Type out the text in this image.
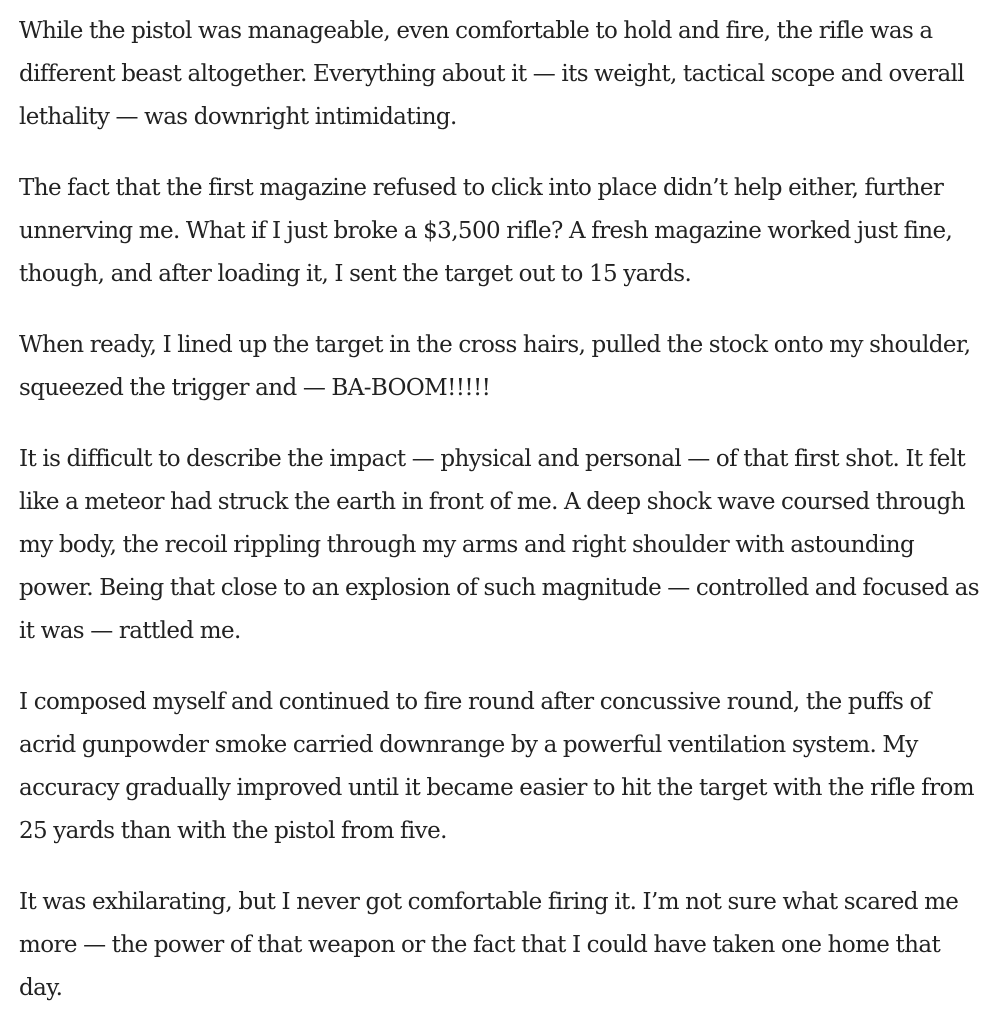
While the pistol was manageable, even comfortable to hold and fire, the rifle was a different beast altogether. Everything about it — its weight, tactical scope and overall lethality — was downright intimidating.

The fact that the first magazine refused to click into place didn’t help either, further unnerving me. What if I just broke a $3,500 rifle? A fresh magazine worked just fine, though, and after loading it, I sent the target out to 15 yards.

When ready, I lined up the target in the cross hairs, pulled the stock onto my shoulder, squeezed the trigger and — BA-BOOM!!!!!

It is difficult to describe the impact — physical and personal — of that first shot. It felt like a meteor had struck the earth in front of me. A deep shock wave coursed through my body, the recoil rippling through my arms and right shoulder with astounding power. Being that close to an explosion of such magnitude — controlled and focused as it was — rattled me.

I composed myself and continued to fire round after concussive round, the puffs of acrid gunpowder smoke carried downrange by a powerful ventilation system. My accuracy gradually improved until it became easier to hit the target with the rifle from 25 yards than with the pistol from five.

It was exhilarating, but I never got comfortable firing it. I’m not sure what scared me more — the power of that weapon or the fact that I could have taken one home that day.
